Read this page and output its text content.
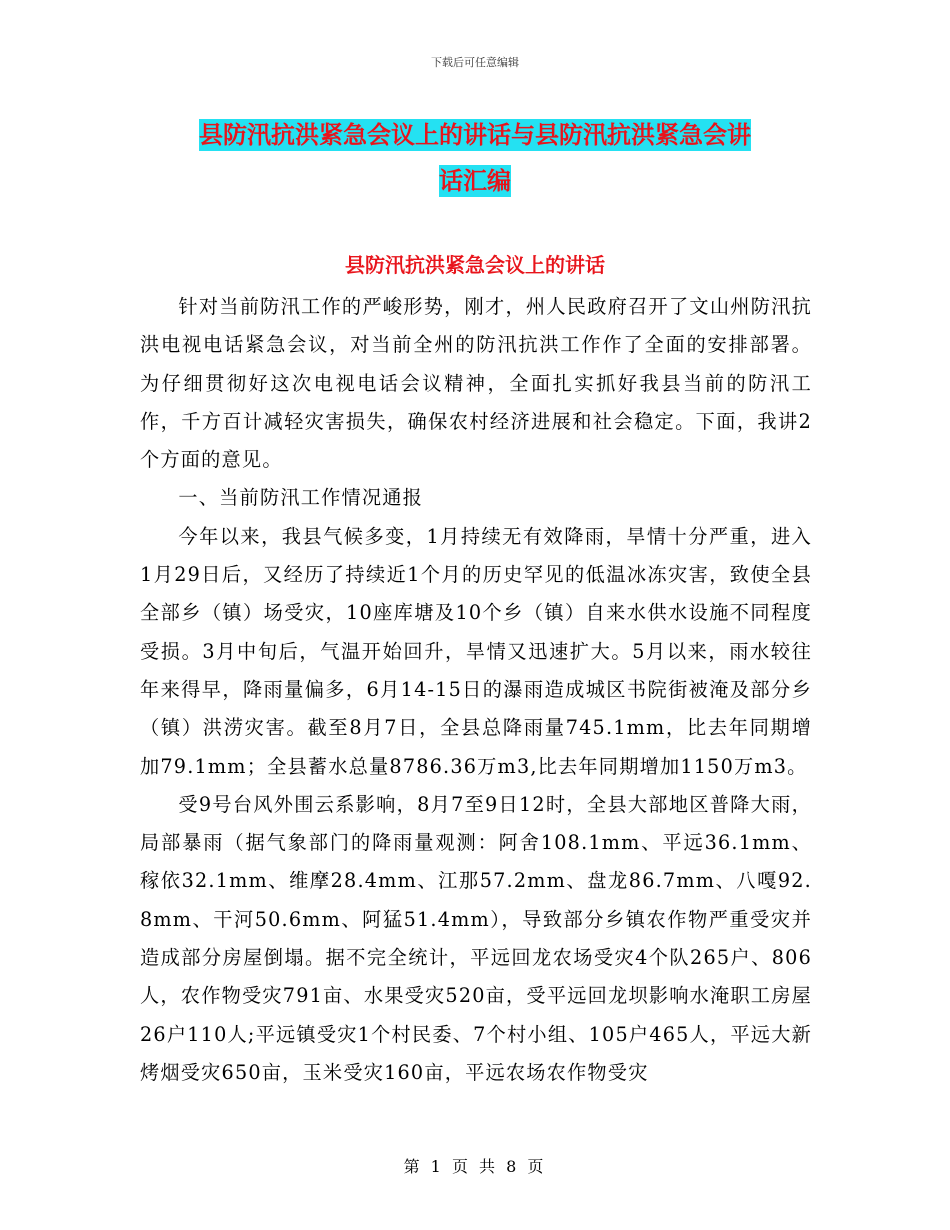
下载后可任意编辑
县防汛抗洪紧急会议上的讲话与县防汛抗洪紧急会讲
话汇编
县防汛抗洪紧急会议上的讲话

针对当前防汛工作的严峻形势，刚才，州人民政府召开了文山州防汛抗洪电视电话紧急会议，对当前全州的防汛抗洪工作作了全面的安排部署。为仔细贯彻好这次电视电话会议精神，全面扎实抓好我县当前的防汛工作，千方百计减轻灾害损失，确保农村经济进展和社会稳定。下面，我讲2个方面的意见。

一、当前防汛工作情况通报

今年以来，我县气候多变，1月持续无有效降雨，旱情十分严重，进入1月29日后，又经历了持续近1个月的历史罕见的低温冰冻灾害，致使全县全部乡（镇）场受灾，10座库塘及10个乡（镇）自来水供水设施不同程度受损。3月中旬后，气温开始回升，旱情又迅速扩大。5月以来，雨水较往年来得早，降雨量偏多，6月14-15日的瀑雨造成城区书院街被淹及部分乡（镇）洪涝灾害。截至8月7日，全县总降雨量745.1mm，比去年同期增加79.1mm；全县蓄水总量8786.36万m3,比去年同期增加1150万m3。

受9号台风外围云系影响，8月7至9日12时，全县大部地区普降大雨，局部暴雨（据气象部门的降雨量观测：阿舍108.1mm、平远36.1mm、稼依32.1mm、维摩28.4mm、江那57.2mm、盘龙86.7mm、八嘎92.8mm、干河50.6mm、阿猛51.4mm），导致部分乡镇农作物严重受灾并造成部分房屋倒塌。据不完全统计，平远回龙农场受灾4个队265户、806人，农作物受灾791亩、水果受灾520亩，受平远回龙坝影响水淹职工房屋26户110人;平远镇受灾1个村民委、7个村小组、105户465人，平远大新烤烟受灾650亩，玉米受灾160亩，平远农场农作物受灾

第 1 页 共 8 页
